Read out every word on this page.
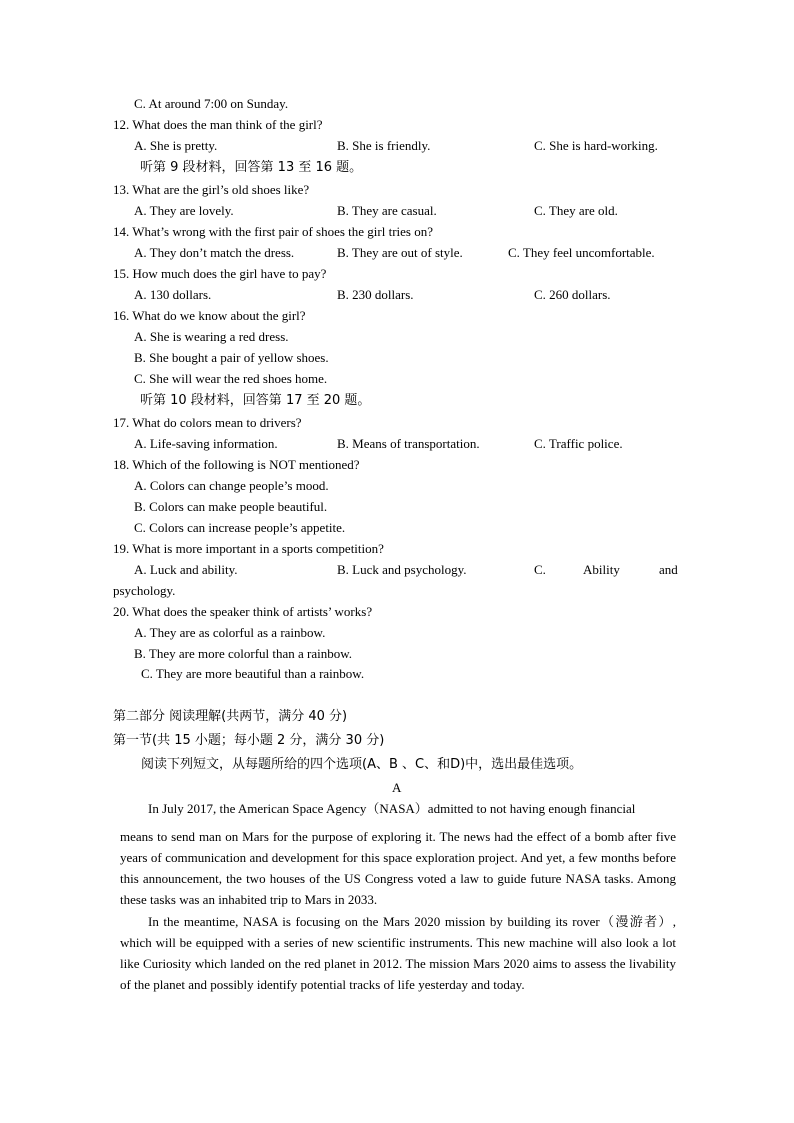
C. At around 7:00 on Sunday.
12. What does the man think of the girl?
A. She is pretty.	B. She is friendly.	C. She is hard-working.
听第 9 段材料，回答第 13 至 16 题。
13. What are the girl’s old shoes like?
A. They are lovely.	B. They are casual.	C. They are old.
14. What’s wrong with the first pair of shoes the girl tries on?
A. They don’t match the dress.	B. They are out of style.	C. They feel uncomfortable.
15. How much does the girl have to pay?
A. 130 dollars.	B. 230 dollars.	C. 260 dollars.
16. What do we know about the girl?
A. She is wearing a red dress.
B. She bought a pair of yellow shoes.
C. She will wear the red shoes home.
听第 10 段材料，回答第 17 至 20 题。
17. What do colors mean to drivers?
A. Life-saving information.	B. Means of transportation.	C. Traffic police.
18. Which of the following is NOT mentioned?
A. Colors can change people’s mood.
B. Colors can make people beautiful.
C. Colors can increase people’s appetite.
19. What is more important in a sports competition?
A. Luck and ability.	B. Luck and psychology.	C.	Ability	and
psychology.
20. What does the speaker think of artists’ works?
A. They are as colorful as a rainbow.
B. They are more colorful than a rainbow.
C. They are more beautiful than a rainbow.
第二部分 阅读理解(共两节，满分 40 分)
第一节(共 15 小题；每小题 2 分，满分 30 分)
阅读下列短文，从每题所给的四个选项(A、B 、C、和D)中，选出最佳选项。
A
In July 2017, the American Space Agency（NASA）admitted to not having enough financial
means to send man on Mars for the purpose of exploring it. The news had the effect of a bomb after five years of communication and development for this space exploration project. And yet, a few months before this announcement, the two houses of the US Congress voted a law to guide future NASA tasks. Among these tasks was an inhabited trip to Mars in 2033.
In the meantime, NASA is focusing on the Mars 2020 mission by building its rover（漫游者）, which will be equipped with a series of new scientific instruments. This new machine will also look a lot like Curiosity which landed on the red planet in 2012. The mission Mars 2020 aims to assess the livability of the planet and possibly identify potential tracks of life yesterday and today.
